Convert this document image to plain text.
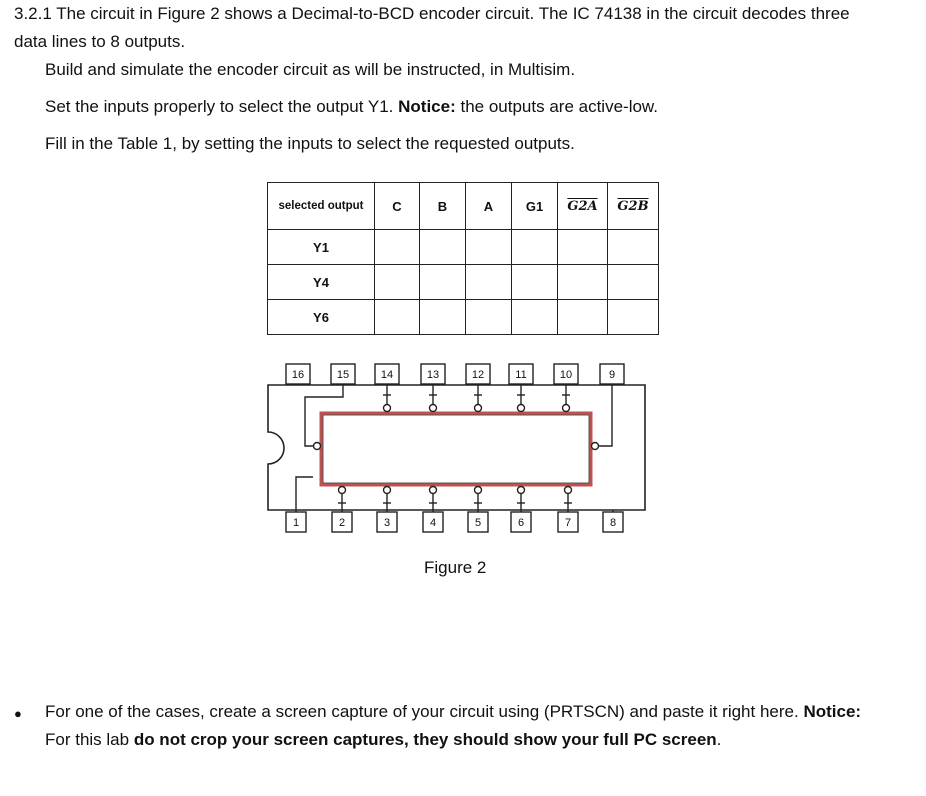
3.2.1 The circuit in Figure 2 shows a Decimal-to-BCD encoder circuit. The IC 74138 in the circuit decodes three

data lines to 8 outputs.

Build and simulate the encoder circuit as will be instructed, in Multisim.

Set the inputs properly to select the output Y1. Notice: the outputs are active-low.

Fill in the Table 1, by setting the inputs to select the requested outputs.

selected output	C	B	A	G1	G2A	G2B
Y1						
Y4						
Y6						
16	15	14	13	12	11	10	9
1	2	3	4	5	6	7	8
Figure 2
● For one of the cases, create a screen capture of your circuit using (PRTSCN) and paste it right here. Notice:

For this lab do not crop your screen captures, they should show your full PC screen.
